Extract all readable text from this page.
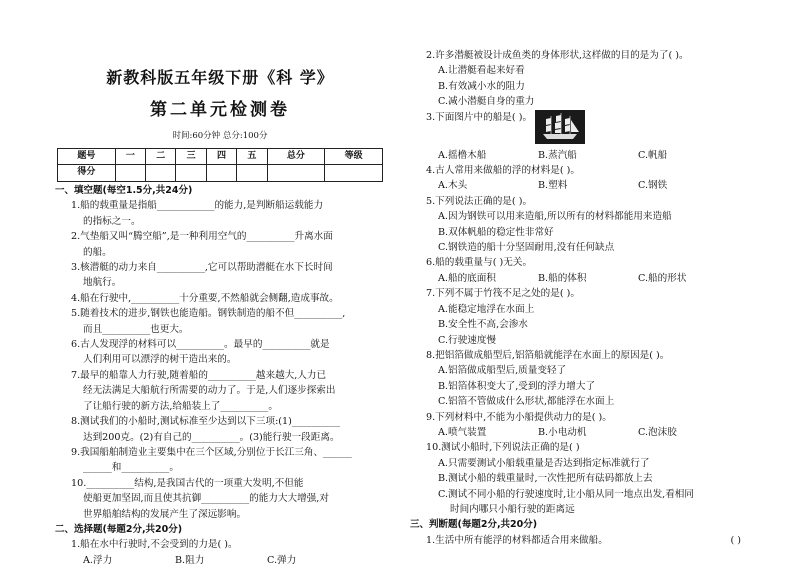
新教科版五年级下册《科 学》
第二单元检测卷
时间:60分钟 总分:100分
题号	一	二	三	四	五	总分	等级
得分							
一、填空题(每空1.5分,共24分)
1.船的载重量是指船____________的能力,是判断船运载能力
的指标之一。
2.气垫船又叫“腾空船”,是一种利用空气的__________升离水面
的船。
3.核潜艇的动力来自__________,它可以帮助潜艇在水下长时间
地航行。
4.船在行驶中,__________十分重要,不然船就会侧翻,造成事故。
5.随着技术的进步,钢铁也能造船。钢铁制造的船不但__________,
而且__________也更大。
6.古人发现浮的材料可以__________。最早的__________就是
人们利用可以漂浮的树干造出来的。
7.最早的船靠人力行驶,随着船的__________越来越大,人力已
经无法满足大船航行所需要的动力了。于是,人们逐步探索出
了让船行驶的新方法,给船装上了__________。
8.测试我们的小船时,测试标准至少达到以下三项:(1)__________
达到200克。(2)有自己的__________。(3)能行驶一段距离。
9.我国船舶制造业主要集中在三个区域,分别位于长江三角、______
______和__________。
10.__________结构,是我国古代的一项重大发明,不但能
使船更加坚固,而且使其抗御__________的能力大大增强,对
世界船舶结构的发展产生了深远影响。
二、选择题(每题2分,共20分)
1.船在水中行驶时,不会受到的力是( )。
A.浮力	B.阻力	C.弹力
2.许多潜艇被设计成鱼类的身体形状,这样做的目的是为了( )。
A.让潜艇看起来好看
B.有效减小水的阻力
C.减小潜艇自身的重力
3.下面图片中的船是( )。
A.摇橹木船	B.蒸汽船	C.帆船
4.古人常用来做船的浮的材料是( )。
A.木头	B.塑料	C.钢铁
5.下列说法正确的是( )。
A.因为钢铁可以用来造船,所以所有的材料都能用来造船
B.双体帆船的稳定性非常好
C.钢铁造的船十分坚固耐用,没有任何缺点
6.船的载重量与( )无关。
A.船的底面积	B.船的体积	C.船的形状
7.下列不属于竹筏不足之处的是( )。
A.能稳定地浮在水面上
B.安全性不高,会渗水
C.行驶速度慢
8.把铝箔做成船型后,铝箔船就能浮在水面上的原因是( )。
A.铝箔做成船型后,质量变轻了
B.铝箔体积变大了,受到的浮力增大了
C.铝箔不管做成什么形状,都能浮在水面上
9.下列材料中,不能为小船提供动力的是( )。
A.喷气装置	B.小电动机	C.泡沫胶
10.测试小船时,下列说法正确的是( )
A.只需要测试小船载重量是否达到指定标准就行了
B.测试小船的载重量时,一次性把所有砝码都放上去
C.测试不同小船的行驶速度时,让小船从同一地点出发,看相同
时间内哪只小船行驶的距离远
三、判断题(每题2分,共20分)
1.生活中所有能浮的材料都适合用来做船。	( )
